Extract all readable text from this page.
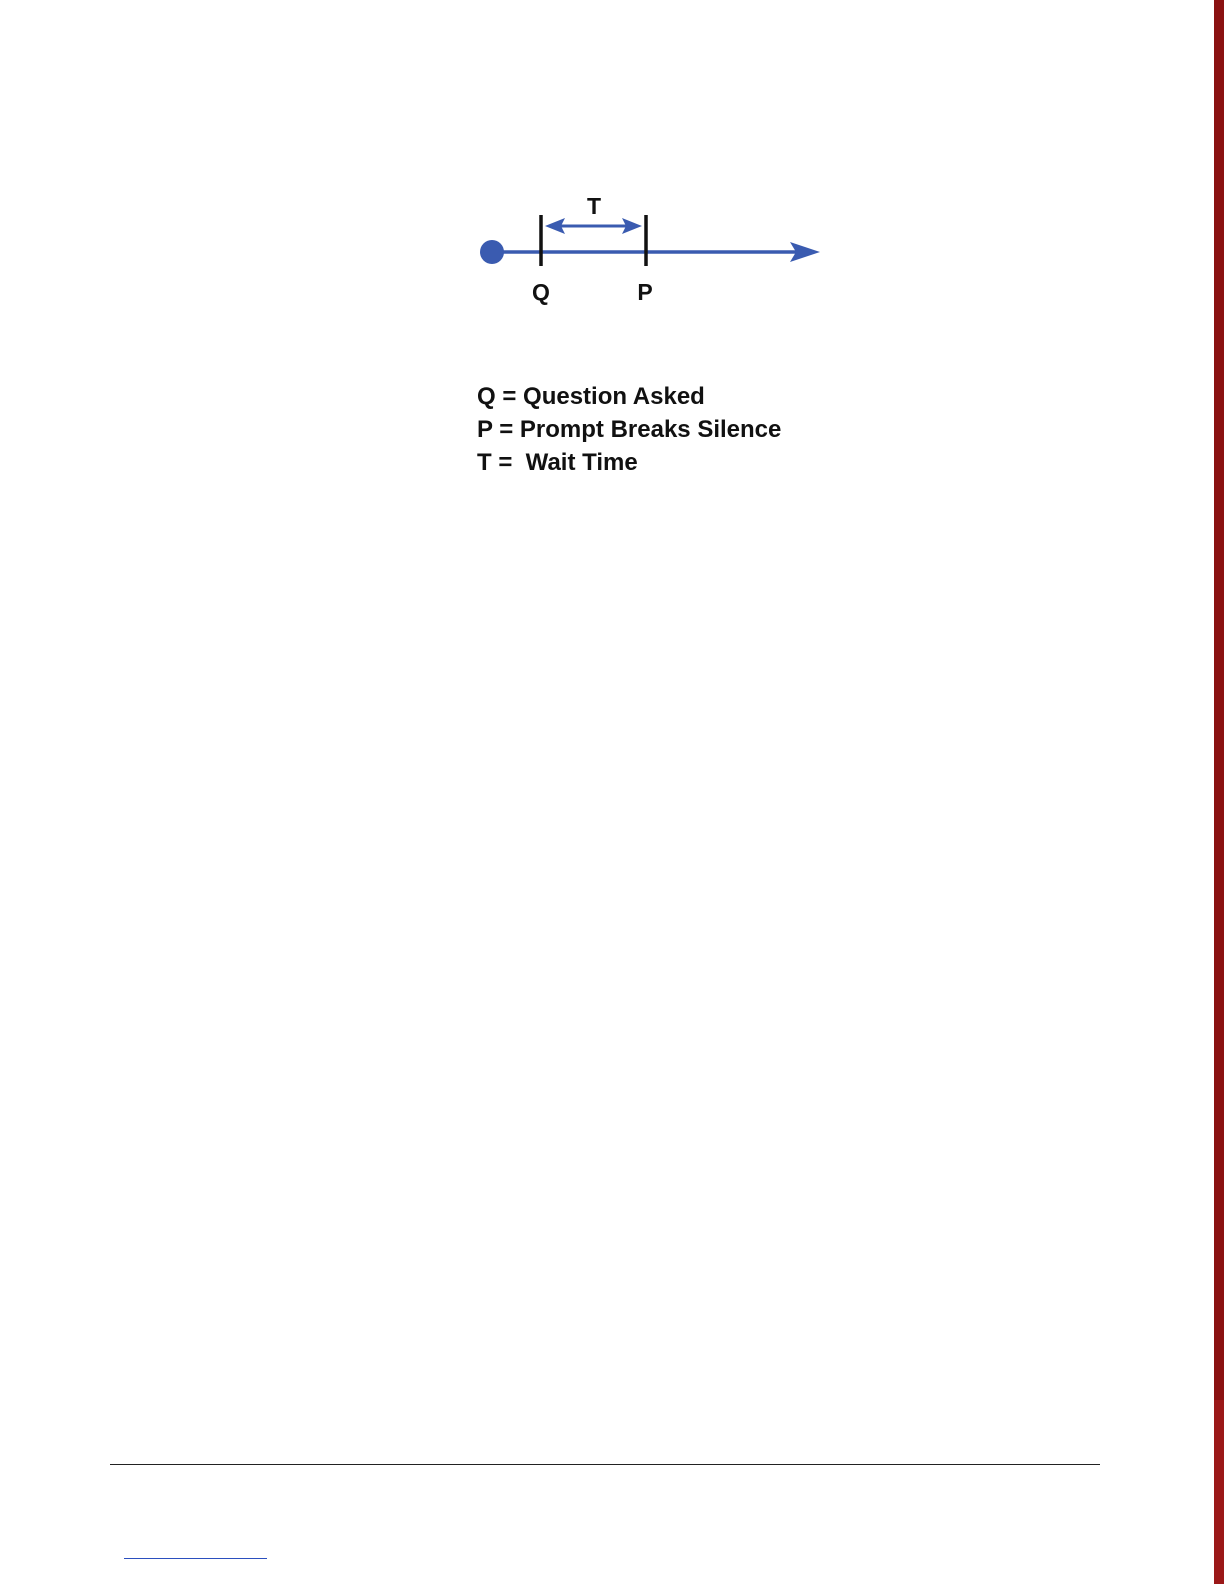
T
Q	P
Q = Question Asked
P = Prompt Breaks Silence
T =  Wait Time
